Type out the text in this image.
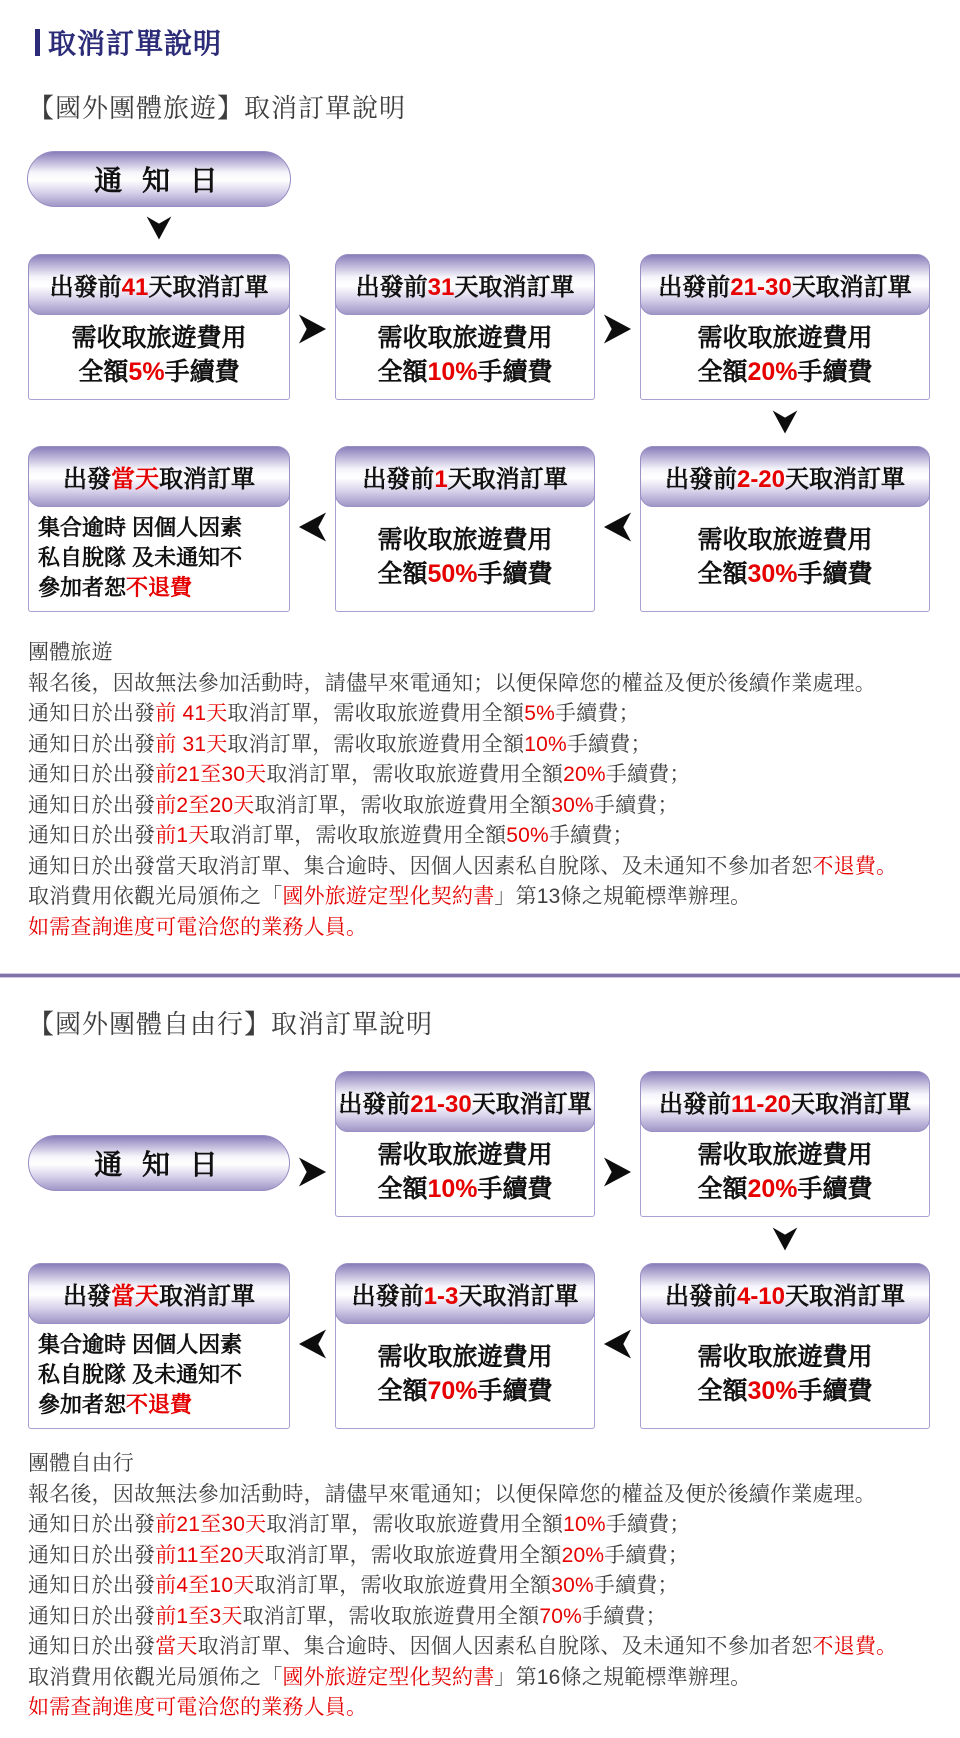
取消訂單說明
【國外團體旅遊】取消訂單說明
通 知 日
出發前41天取消訂單
需收取旅遊費用
全額5%手續費
出發前31天取消訂單
需收取旅遊費用
全額10%手續費
出發前21-30天取消訂單
需收取旅遊費用
全額20%手續費
出發當天取消訂單
集合逾時 因個人因素
私自脫隊 及未通知不
參加者恕不退費
出發前1天取消訂單
需收取旅遊費用
全額50%手續費
出發前2-20天取消訂單
需收取旅遊費用
全額30%手續費

團體旅遊

報名後，因故無法參加活動時，請儘早來電通知；以便保障您的權益及便於後續作業處理。

通知日於出發前 41天取消訂單，需收取旅遊費用全額5%手續費；

通知日於出發前 31天取消訂單，需收取旅遊費用全額10%手續費；

通知日於出發前21至30天取消訂單，需收取旅遊費用全額20%手續費；

通知日於出發前2至20天取消訂單，需收取旅遊費用全額30%手續費；

通知日於出發前1天取消訂單，需收取旅遊費用全額50%手續費；

通知日於出發當天取消訂單、集合逾時、因個人因素私自脫隊、及未通知不參加者恕不退費。

取消費用依觀光局頒佈之「國外旅遊定型化契約書」第13條之規範標準辦理。

如需查詢進度可電洽您的業務人員。

【國外團體自由行】取消訂單說明
通 知 日
出發前21-30天取消訂單
需收取旅遊費用
全額10%手續費
出發前11-20天取消訂單
需收取旅遊費用
全額20%手續費
出發當天取消訂單
集合逾時 因個人因素
私自脫隊 及未通知不
參加者恕不退費
出發前1-3天取消訂單
需收取旅遊費用
全額70%手續費
出發前4-10天取消訂單
需收取旅遊費用
全額30%手續費

團體自由行

報名後，因故無法參加活動時，請儘早來電通知；以便保障您的權益及便於後續作業處理。

通知日於出發前21至30天取消訂單，需收取旅遊費用全額10%手續費；

通知日於出發前11至20天取消訂單，需收取旅遊費用全額20%手續費；

通知日於出發前4至10天取消訂單，需收取旅遊費用全額30%手續費；

通知日於出發前1至3天取消訂單，需收取旅遊費用全額70%手續費；

通知日於出發當天取消訂單、集合逾時、因個人因素私自脫隊、及未通知不參加者恕不退費。

取消費用依觀光局頒佈之「國外旅遊定型化契約書」第16條之規範標準辦理。

如需查詢進度可電洽您的業務人員。
